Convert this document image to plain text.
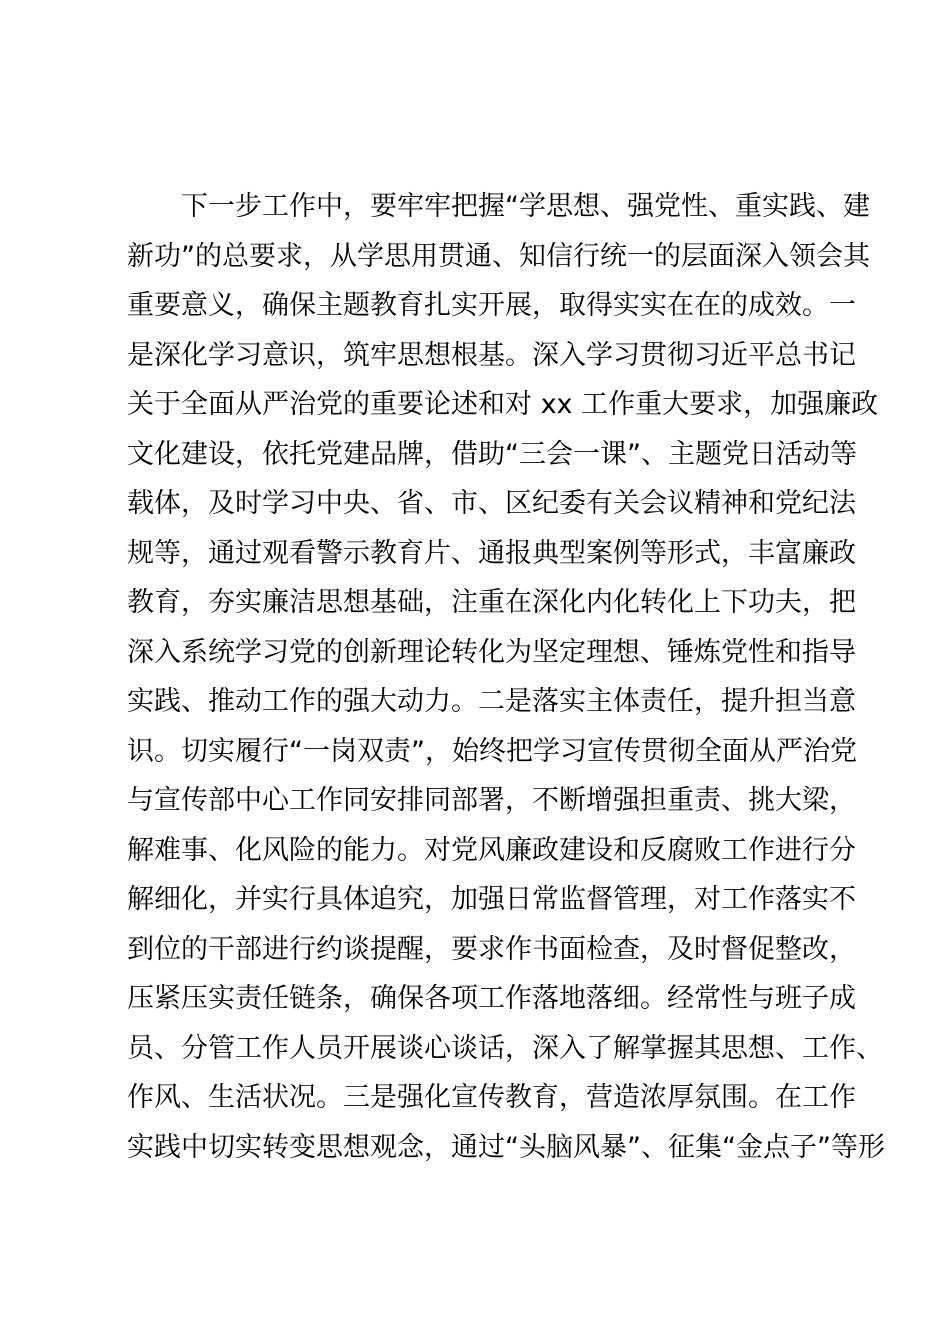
下一步工作中，要牢牢把握“学思想、强党性、重实践、建
新功”的总要求，从学思用贯通、知信行统一的层面深入领会其
重要意义，确保主题教育扎实开展，取得实实在在的成效。一
是深化学习意识，筑牢思想根基。深入学习贯彻习近平总书记
关于全面从严治党的重要论述和对 xx 工作重大要求，加强廉政
文化建设，依托党建品牌，借助“三会一课”、主题党日活动等
载体，及时学习中央、省、市、区纪委有关会议精神和党纪法
规等，通过观看警示教育片、通报典型案例等形式，丰富廉政
教育，夯实廉洁思想基础，注重在深化内化转化上下功夫，把
深入系统学习党的创新理论转化为坚定理想、锤炼党性和指导
实践、推动工作的强大动力。二是落实主体责任，提升担当意
识。切实履行“一岗双责”，始终把学习宣传贯彻全面从严治党
与宣传部中心工作同安排同部署，不断增强担重责、挑大梁，
解难事、化风险的能力。对党风廉政建设和反腐败工作进行分
解细化，并实行具体追究，加强日常监督管理，对工作落实不
到位的干部进行约谈提醒，要求作书面检查，及时督促整改，
压紧压实责任链条，确保各项工作落地落细。经常性与班子成
员、分管工作人员开展谈心谈话，深入了解掌握其思想、工作、
作风、生活状况。三是强化宣传教育，营造浓厚氛围。在工作
实践中切实转变思想观念，通过“头脑风暴”、征集“金点子”等形
